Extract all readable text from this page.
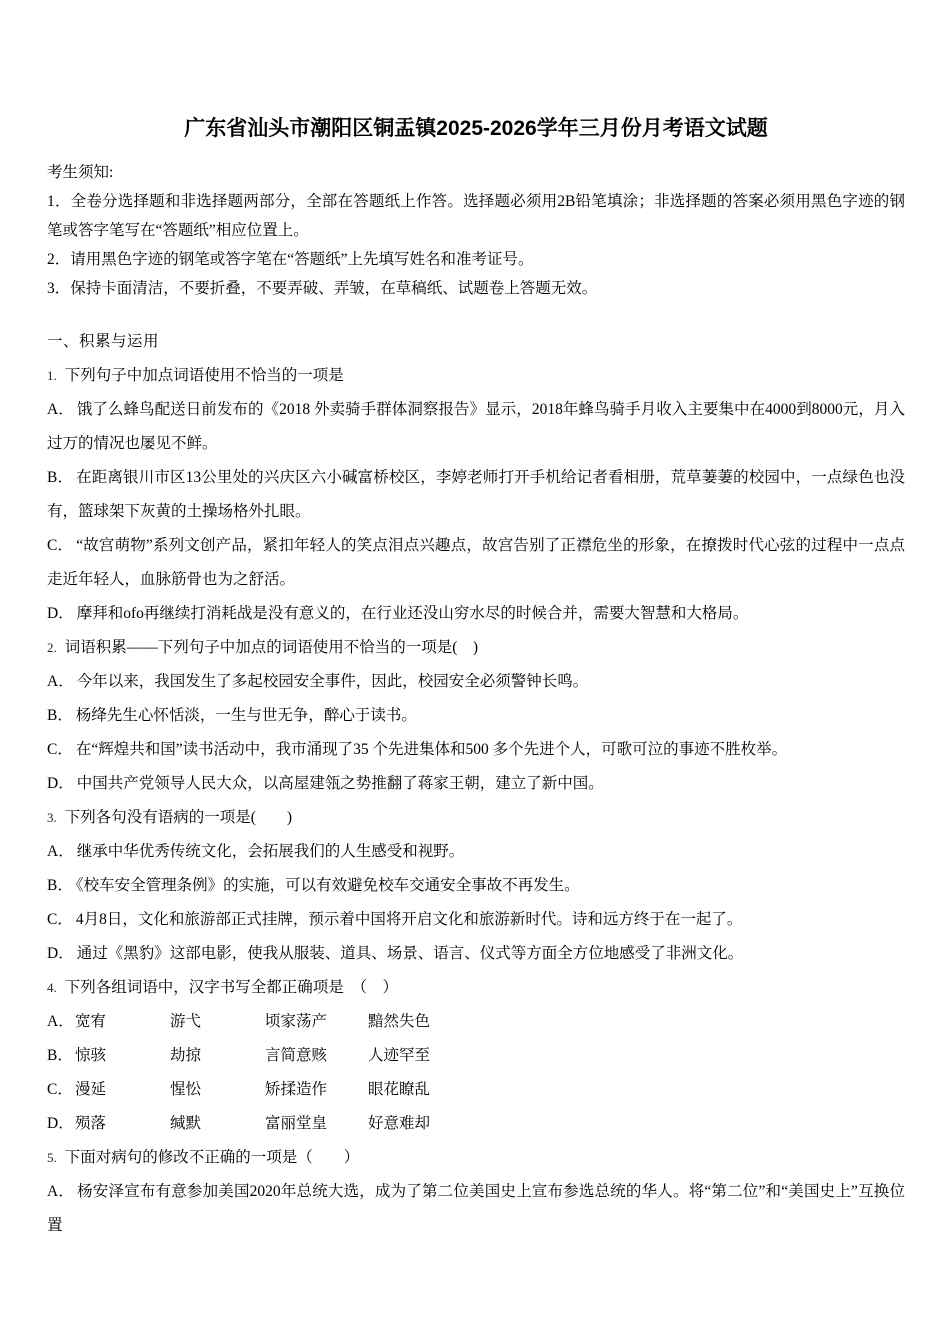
广东省汕头市潮阳区铜盂镇2025-2026学年三月份月考语文试题

考生须知:

1．全卷分选择题和非选择题两部分，全部在答题纸上作答。选择题必须用2B铅笔填涂；非选择题的答案必须用黑色字迹的钢笔或答字笔写在“答题纸”相应位置上。

2．请用黑色字迹的钢笔或答字笔在“答题纸”上先填写姓名和准考证号。

3．保持卡面清洁，不要折叠，不要弄破、弄皱，在草稿纸、试题卷上答题无效。

一、积累与运用

1. 下列句子中加点词语使用不恰当的一项是

A． 饿了么蜂鸟配送日前发布的《2018 外卖骑手群体洞察报告》显示，2018年蜂鸟骑手月收入主要集中在4000到8000元，月入过万的情况也屡见不鲜。

B． 在距离银川市区13公里处的兴庆区六小碱富桥校区，李婷老师打开手机给记者看相册，荒草萋萋的校园中，一点绿色也没有，篮球架下灰黄的土操场格外扎眼。

C． “故宫萌物”系列文创产品，紧扣年轻人的笑点泪点兴趣点，故宫告别了正襟危坐的形象，在撩拨时代心弦的过程中一点点走近年轻人，血脉筋骨也为之舒活。

D． 摩拜和ofo再继续打消耗战是没有意义的，在行业还没山穷水尽的时候合并，需要大智慧和大格局。

2. 词语积累——下列句子中加点的词语使用不恰当的一项是(　)

A． 今年以来，我国发生了多起校园安全事件，因此，校园安全必须警钟长鸣。

B． 杨绛先生心怀恬淡，一生与世无争，醉心于读书。

C． 在“辉煌共和国”读书活动中，我市涌现了35 个先进集体和500 多个先进个人，可歌可泣的事迹不胜枚举。

D． 中国共产党领导人民大众，以高屋建瓴之势推翻了蒋家王朝，建立了新中国。

3. 下列各句没有语病的一项是(　　)

A． 继承中华优秀传统文化，会拓展我们的人生感受和视野。

B． 《校车安全管理条例》的实施，可以有效避免校车交通安全事故不再发生。

C． 4月8日，文化和旅游部正式挂牌，预示着中国将开启文化和旅游新时代。诗和远方终于在一起了。

D． 通过《黑豹》这部电影，使我从服装、道具、场景、语言、仪式等方面全方位地感受了非洲文化。

4. 下列各组词语中，汉字书写全都正确项是　（　）

A．宽宥	游弋	顷家荡产	黯然失色

B． 惊骇	劫掠	言简意赅	人迹罕至

C． 漫延	惺忪	矫揉造作	眼花瞭乱

D．殒落	缄默	富丽堂皇	好意难却

5. 下面对病句的修改不正确的一项是（　　）

A． 杨安泽宣布有意参加美国2020年总统大选，成为了第二位美国史上宣布参选总统的华人。将“第二位”和“美国史上”互换位置
